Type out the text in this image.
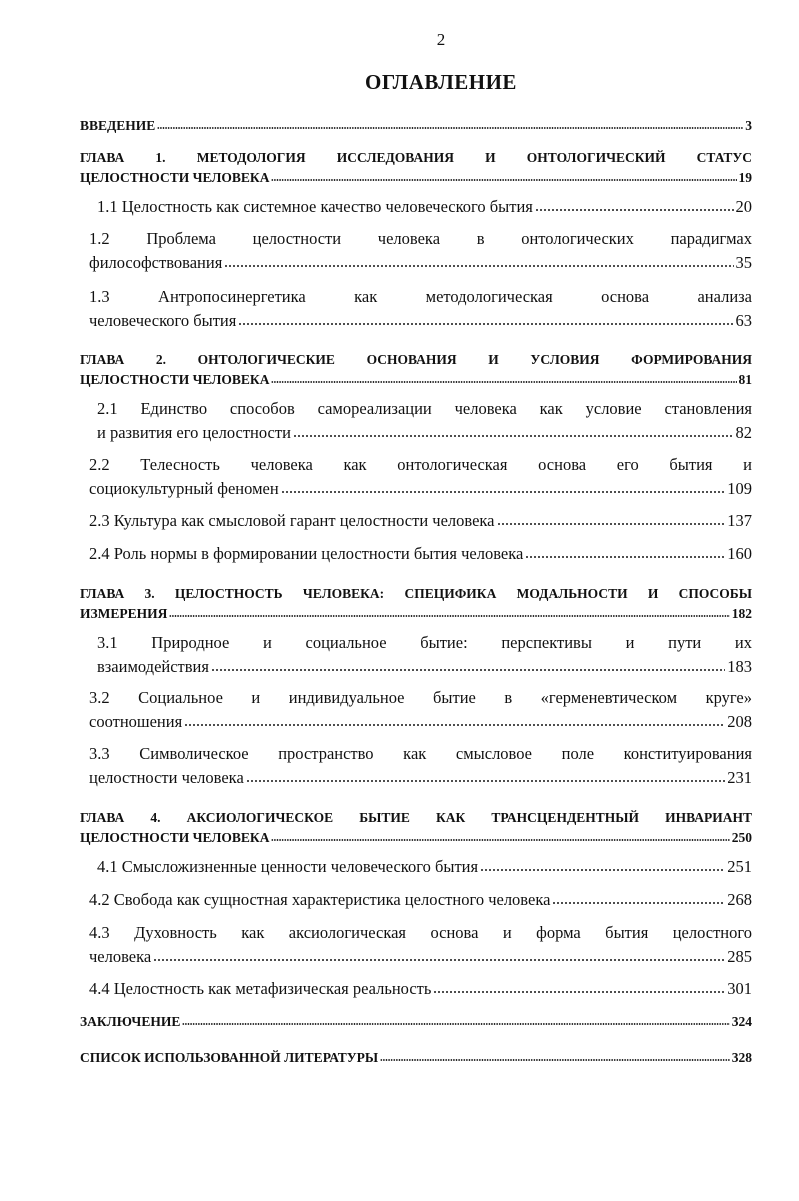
2
ОГЛАВЛЕНИЕ
ВВЕДЕНИЕ	3
ГЛАВА 1. МЕТОДОЛОГИЯ ИССЛЕДОВАНИЯ И ОНТОЛОГИЧЕСКИЙ СТАТУС
ЦЕЛОСТНОСТИ ЧЕЛОВЕКА	19
1.1 Целостность как системное качество человеческого бытия	20
1.2 Проблема целостности человека в онтологических парадигмах
философствования	35
1.3 Антропосинергетика как методологическая основа анализа
человеческого бытия	63
ГЛАВА 2. ОНТОЛОГИЧЕСКИЕ ОСНОВАНИЯ И УСЛОВИЯ ФОРМИРОВАНИЯ
ЦЕЛОСТНОСТИ ЧЕЛОВЕКА	81
2.1 Единство способов самореализации человека как условие становления
и развития его целостности	82
2.2 Телесность человека как онтологическая основа его бытия и
социокультурный феномен	109
2.3 Культура как смысловой гарант целостности человека	137
2.4 Роль нормы в формировании целостности бытия человека	160
ГЛАВА 3. ЦЕЛОСТНОСТЬ ЧЕЛОВЕКА: СПЕЦИФИКА МОДАЛЬНОСТИ И СПОСОБЫ
ИЗМЕРЕНИЯ	182
3.1 Природное и социальное бытие: перспективы и пути их
взаимодействия	183
3.2 Социальное и индивидуальное бытие в «герменевтическом круге»
соотношения	208
3.3 Символическое пространство как смысловое поле конституирования
целостности человека	231
ГЛАВА 4. АКСИОЛОГИЧЕСКОЕ БЫТИЕ КАК ТРАНСЦЕНДЕНТНЫЙ ИНВАРИАНТ
ЦЕЛОСТНОСТИ ЧЕЛОВЕКА	250
4.1 Смысложизненные ценности человеческого бытия	251
4.2 Свобода как сущностная характеристика целостного человека	268
4.3 Духовность как аксиологическая основа и форма бытия целостного
человека	285
4.4 Целостность как метафизическая реальность	301
ЗАКЛЮЧЕНИЕ	324
СПИСОК ИСПОЛЬЗОВАННОЙ ЛИТЕРАТУРЫ	328
